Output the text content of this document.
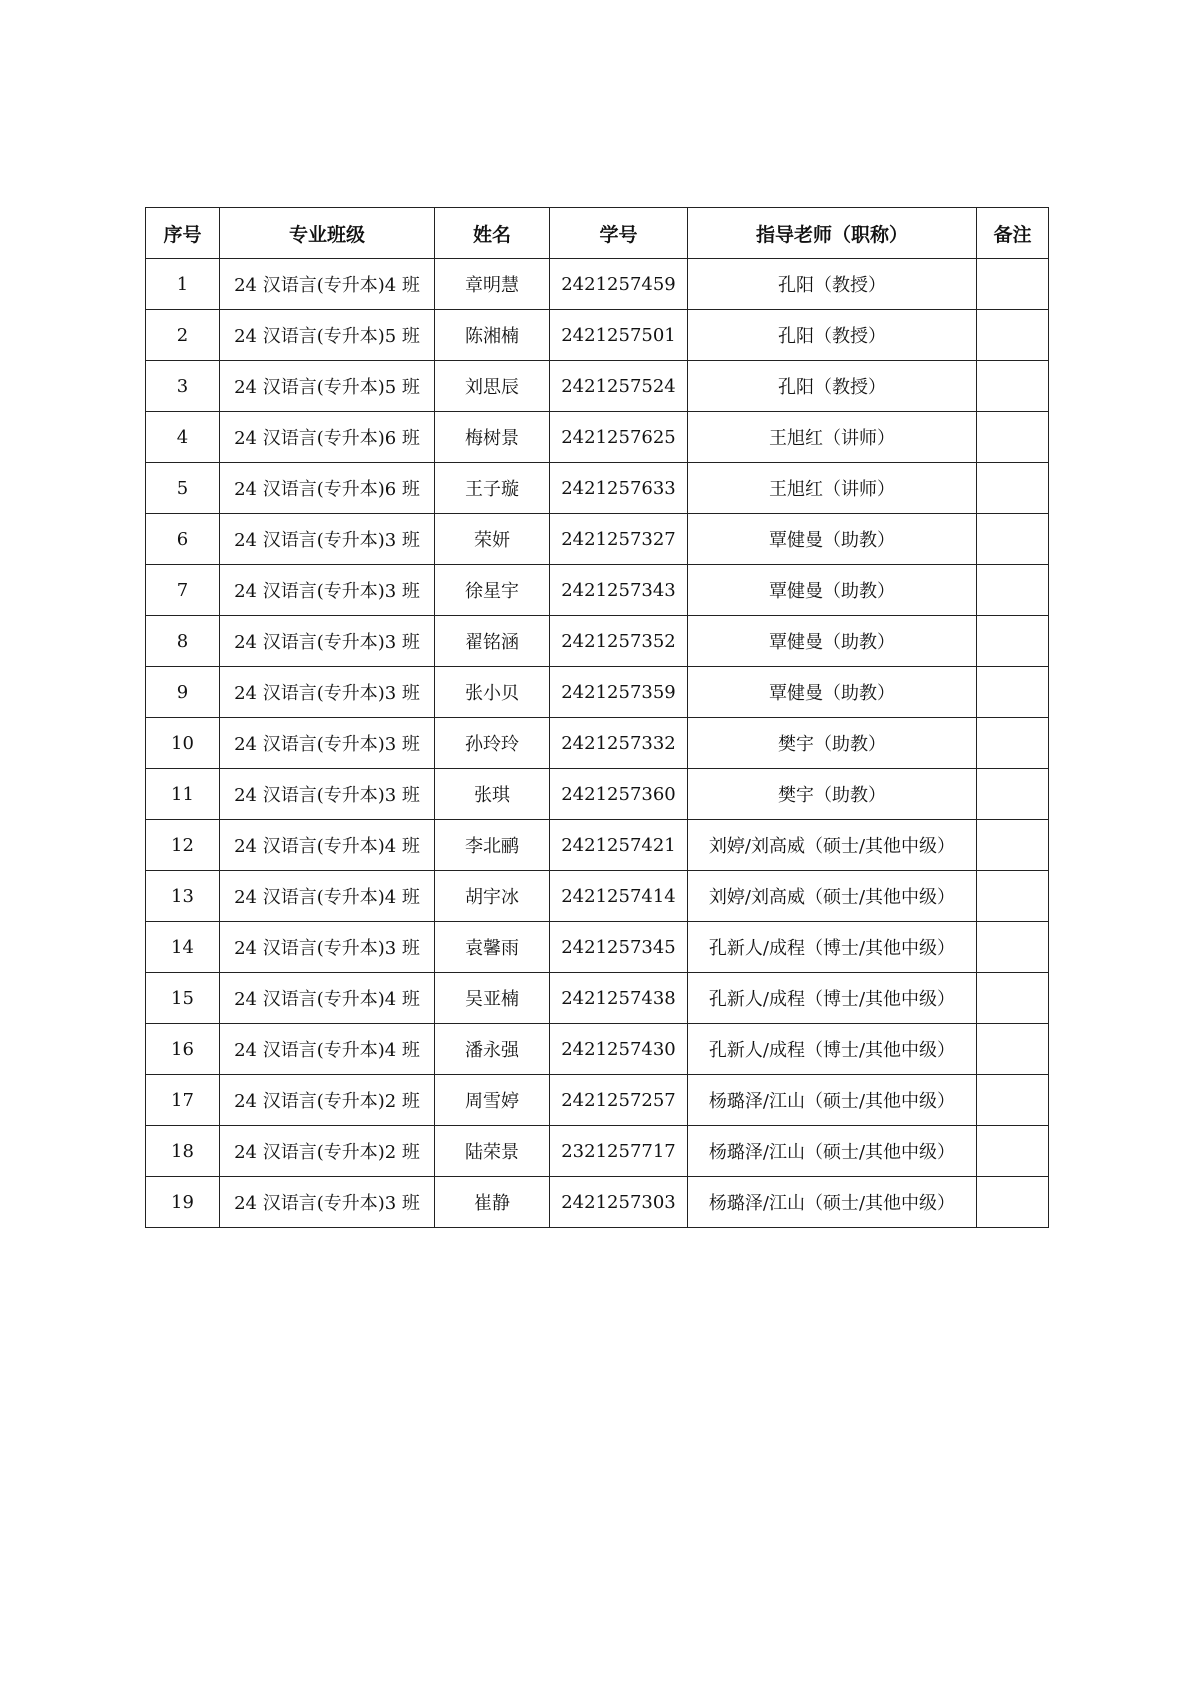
序号	专业班级	姓名	学号	指导老师（职称）	备注
1	24 汉语言(专升本)4 班	章明慧	2421257459	孔阳（教授）	
2	24 汉语言(专升本)5 班	陈湘楠	2421257501	孔阳（教授）	
3	24 汉语言(专升本)5 班	刘思辰	2421257524	孔阳（教授）	
4	24 汉语言(专升本)6 班	梅树景	2421257625	王旭红（讲师）	
5	24 汉语言(专升本)6 班	王子璇	2421257633	王旭红（讲师）	
6	24 汉语言(专升本)3 班	荣妍	2421257327	覃健曼（助教）	
7	24 汉语言(专升本)3 班	徐星宇	2421257343	覃健曼（助教）	
8	24 汉语言(专升本)3 班	翟铭涵	2421257352	覃健曼（助教）	
9	24 汉语言(专升本)3 班	张小贝	2421257359	覃健曼（助教）	
10	24 汉语言(专升本)3 班	孙玲玲	2421257332	樊宇（助教）	
11	24 汉语言(专升本)3 班	张琪	2421257360	樊宇（助教）	
12	24 汉语言(专升本)4 班	李北鹂	2421257421	刘婷/刘高威（硕士/其他中级）	
13	24 汉语言(专升本)4 班	胡宇冰	2421257414	刘婷/刘高威（硕士/其他中级）	
14	24 汉语言(专升本)3 班	袁馨雨	2421257345	孔新人/成程（博士/其他中级）	
15	24 汉语言(专升本)4 班	吴亚楠	2421257438	孔新人/成程（博士/其他中级）	
16	24 汉语言(专升本)4 班	潘永强	2421257430	孔新人/成程（博士/其他中级）	
17	24 汉语言(专升本)2 班	周雪婷	2421257257	杨璐泽/江山（硕士/其他中级）	
18	24 汉语言(专升本)2 班	陆荣景	2321257717	杨璐泽/江山（硕士/其他中级）	
19	24 汉语言(专升本)3 班	崔静	2421257303	杨璐泽/江山（硕士/其他中级）	
